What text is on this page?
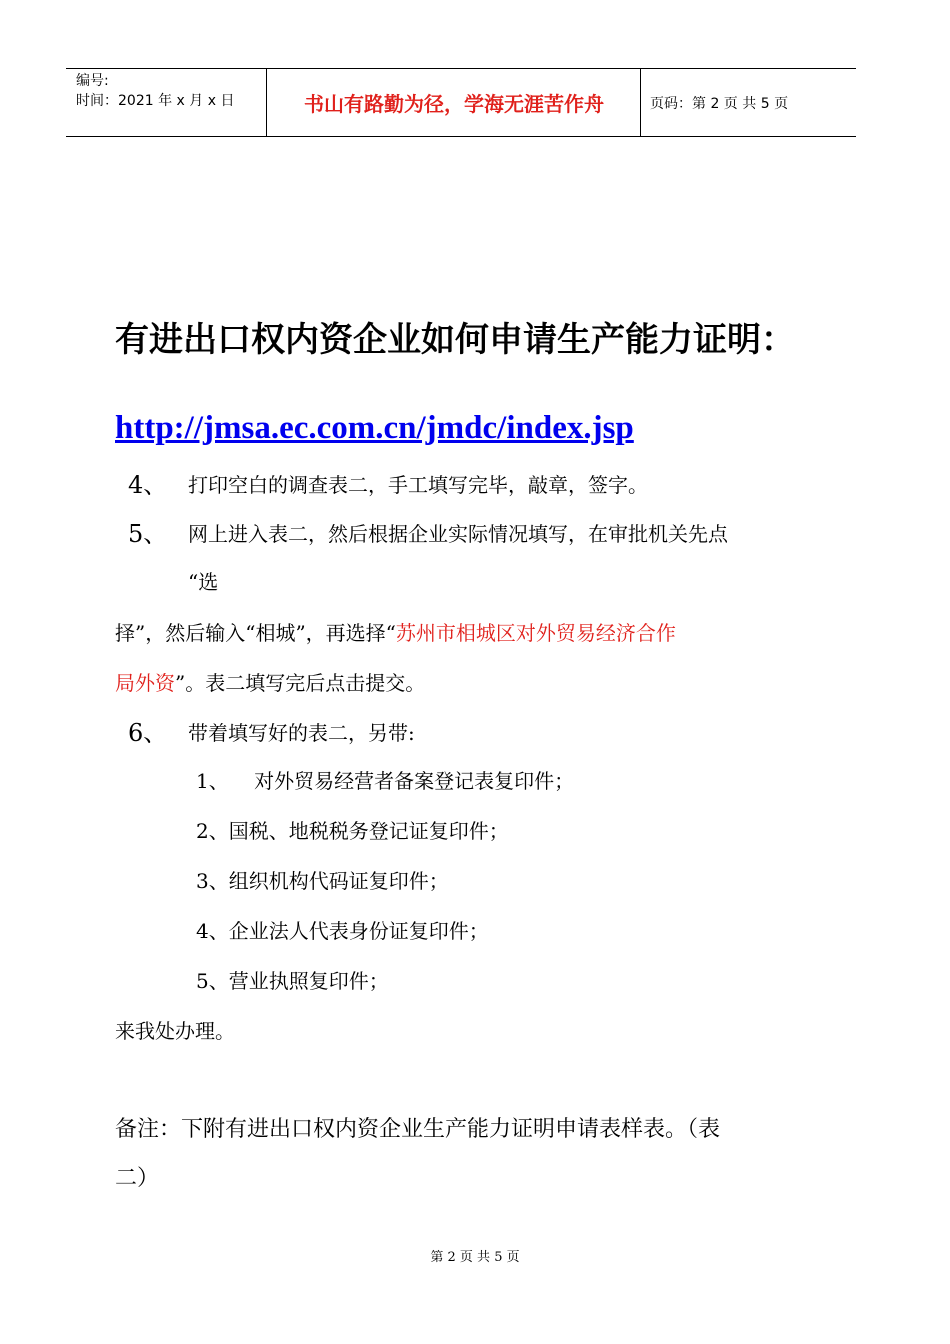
编号:
时间：2021 年 x 月 x 日	书山有路勤为径，学海无涯苦作舟	页码：第 2 页 共 5 页
有进出口权内资企业如何申请生产能力证明：
http://jmsa.ec.com.cn/jmdc/index.jsp
4、 打印空白的调查表二，手工填写完毕，敲章，签字。
5、 网上进入表二，然后根据企业实际情况填写，在审批机关先点
“选
择”，然后输入“相城”，再选择“苏州市相城区对外贸易经济合作
局外资”。表二填写完后点击提交。
6、 带着填写好的表二，另带:
1、    对外贸易经营者备案登记表复印件；
2、国税、地税税务登记证复印件；
3、组织机构代码证复印件；
4、企业法人代表身份证复印件；
5、营业执照复印件；
来我处办理。
备注：下附有进出口权内资企业生产能力证明申请表样表。（表
二）
第 2 页 共 5 页
